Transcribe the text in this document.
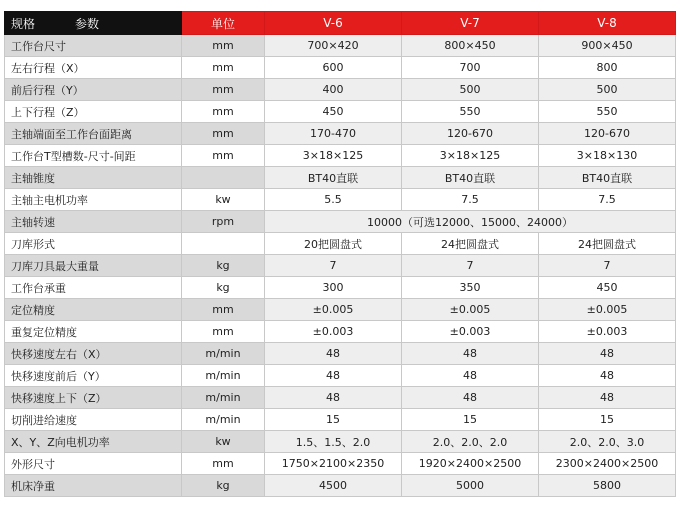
规格 参数	单位	V-6	V-7	V-8
工作台尺寸	mm	700×420	800×450	900×450
左右行程（X）	mm	600	700	800
前后行程（Y）	mm	400	500	500
上下行程（Z）	mm	450	550	550
主轴端面至工作台面距离	mm	170-470	120-670	120-670
工作台T型槽数-尺寸-间距	mm	3×18×125	3×18×125	3×18×130
主轴锥度		BT40直联	BT40直联	BT40直联
主轴主电机功率	kw	5.5	7.5	7.5
主轴转速	rpm	10000（可选12000、15000、24000）		
刀库形式		20把圆盘式	24把圆盘式	24把圆盘式
刀库刀具最大重量	kg	7	7	7
工作台承重	kg	300	350	450
定位精度	mm	±0.005	±0.005	±0.005
重复定位精度	mm	±0.003	±0.003	±0.003
快移速度左右（X）	m/min	48	48	48
快移速度前后（Y）	m/min	48	48	48
快移速度上下（Z）	m/min	48	48	48
切削进给速度	m/min	15	15	15
X、Y、Z向电机功率	kw	1.5、1.5、2.0	2.0、2.0、2.0	2.0、2.0、3.0
外形尺寸	mm	1750×2100×2350	1920×2400×2500	2300×2400×2500
机床净重	kg	4500	5000	5800
